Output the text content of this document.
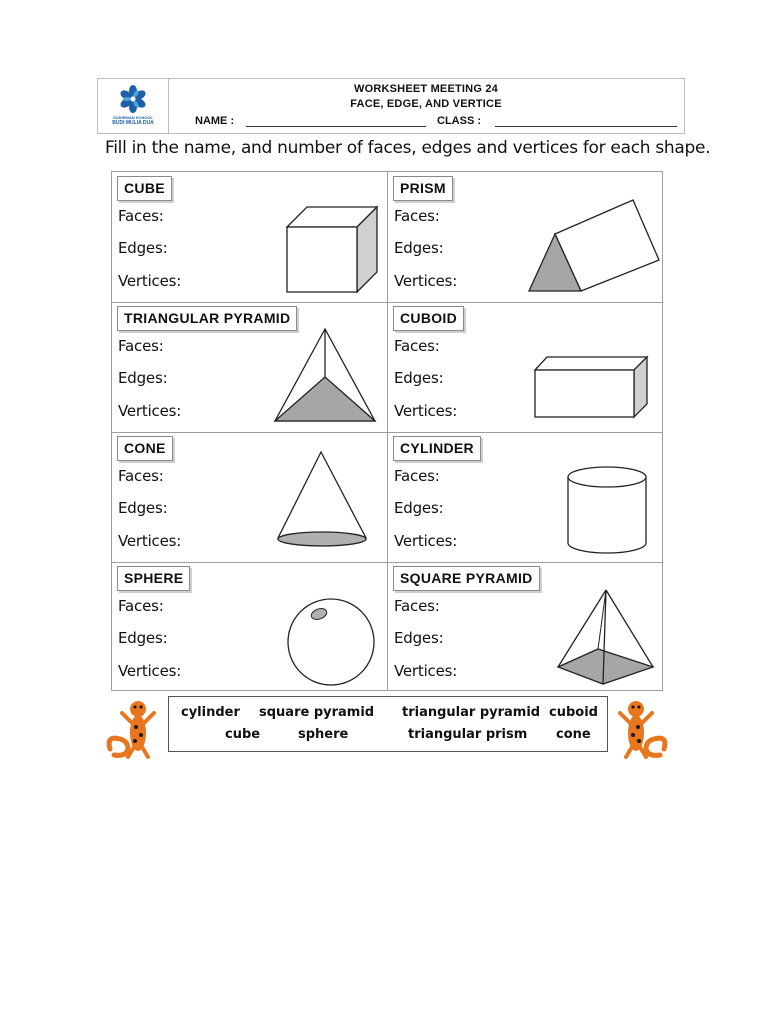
SUDIRMAN SCHOOL
BUDI MULIA DUA
WORKSHEET MEETING 24
FACE, EDGE, AND VERTICE
NAME :	CLASS :
Fill in the name, and number of faces, edges and vertices for each shape.
CUBE
Faces:
Edges:
Vertices:
PRISM
Faces:
Edges:
Vertices:
TRIANGULAR PYRAMID
Faces:
Edges:
Vertices:
CUBOID
Faces:
Edges:
Vertices:
CONE
Faces:
Edges:
Vertices:
CYLINDER
Faces:
Edges:
Vertices:
SPHERE
Faces:
Edges:
Vertices:
SQUARE PYRAMID
Faces:
Edges:
Vertices:
cylinder square pyramid triangular pyramid cuboid
cube	sphere	triangular prism cone
